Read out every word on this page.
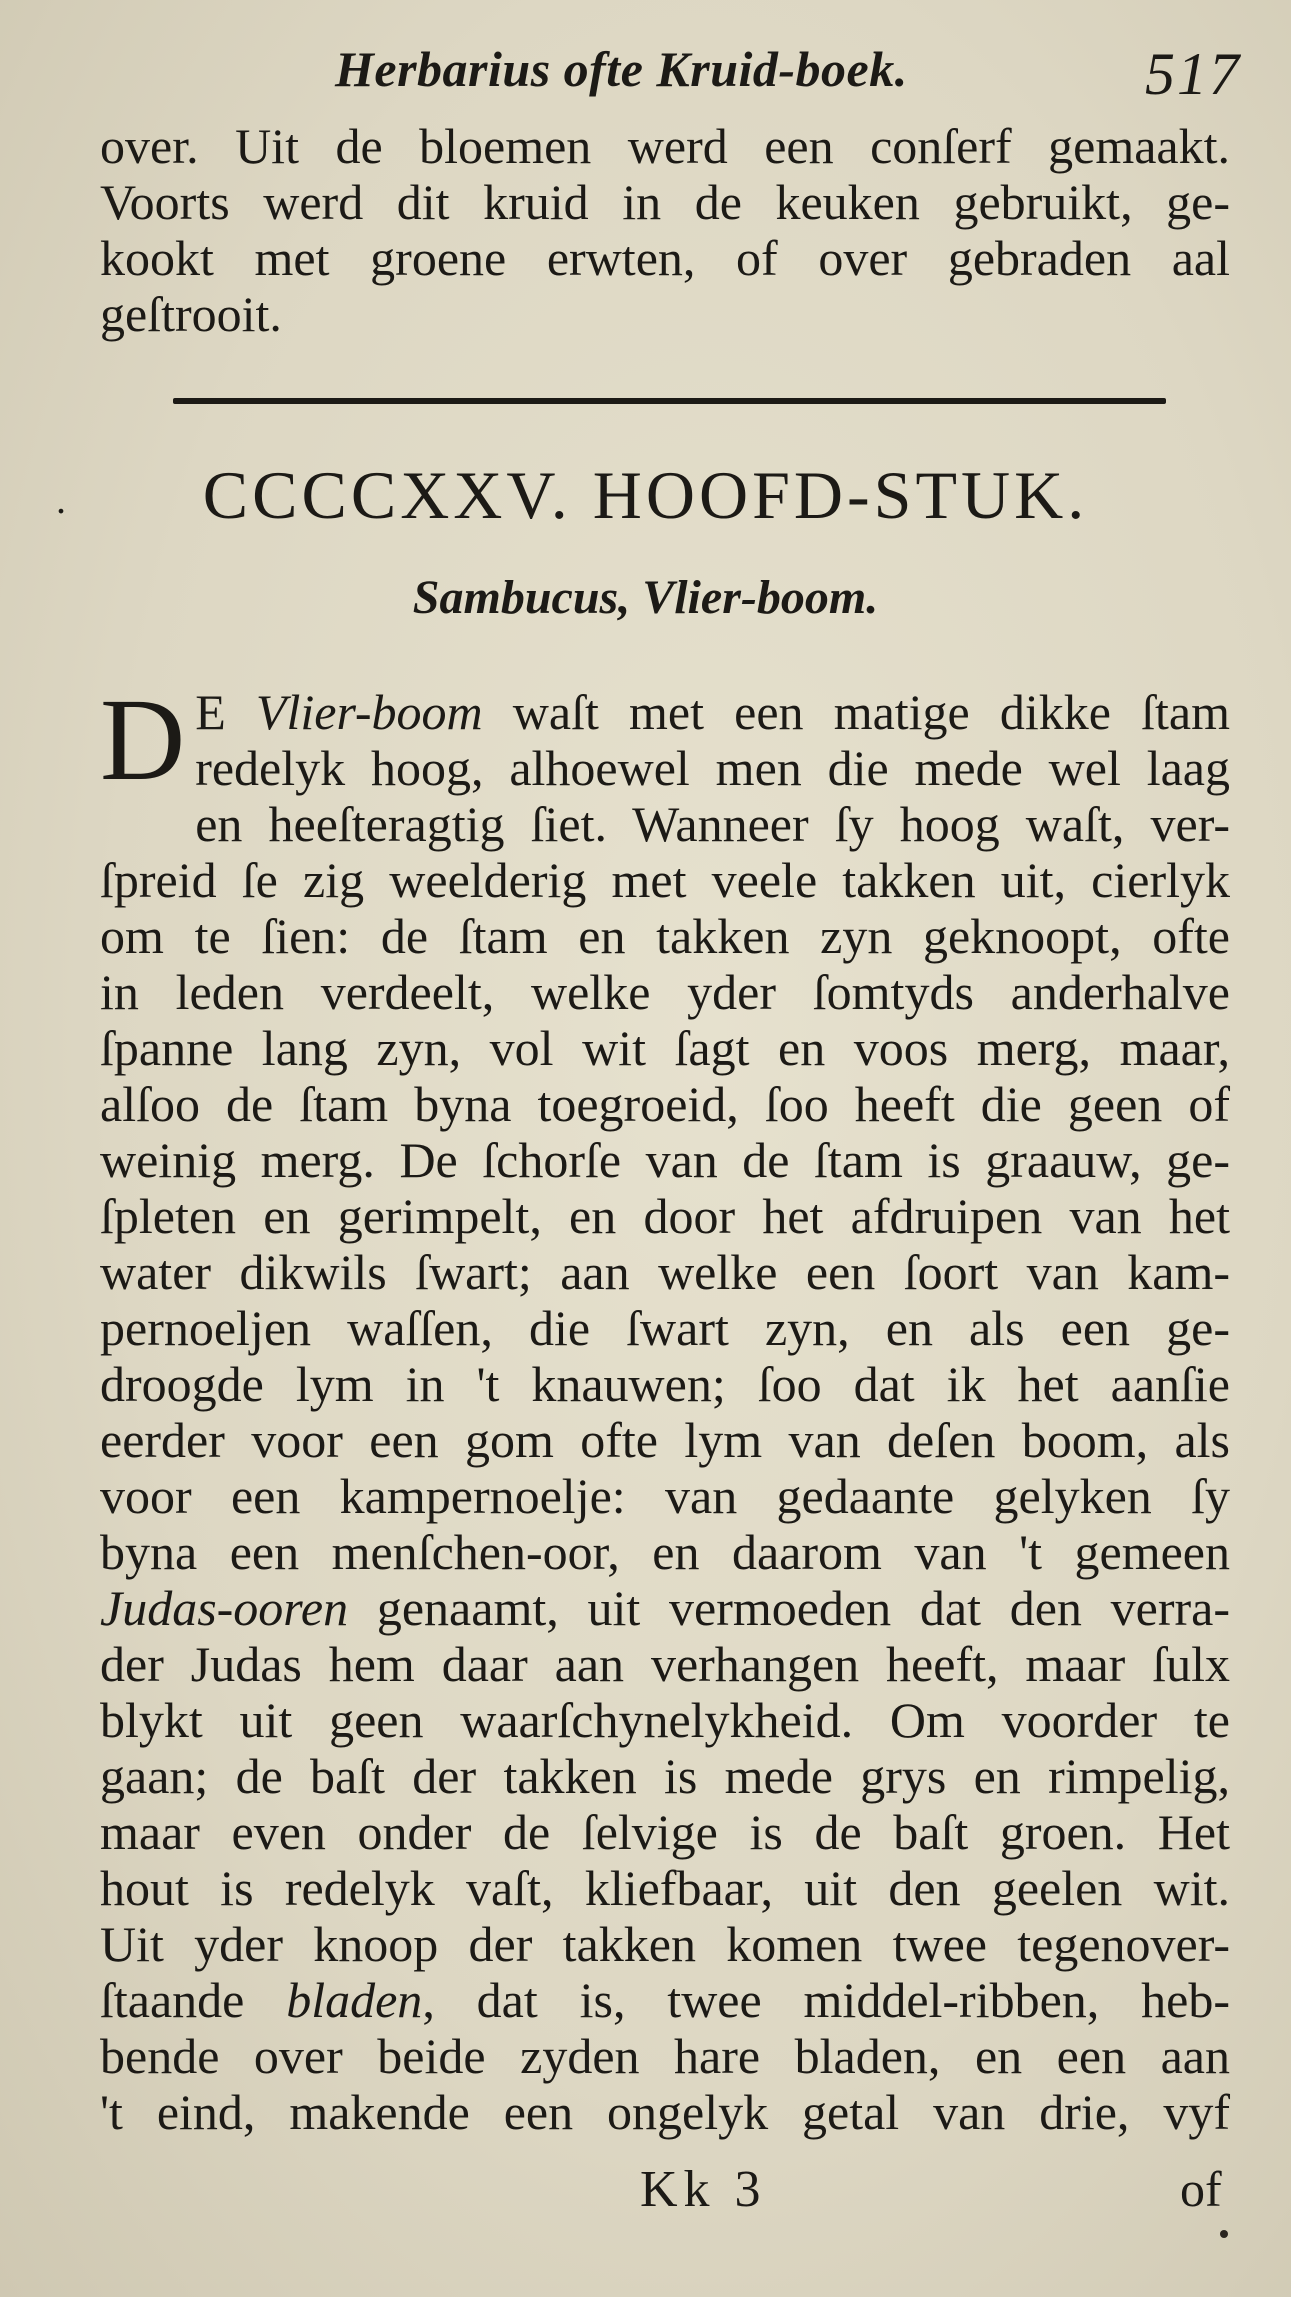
Herbarius ofte Kruid-boek.	517
over. Uit de bloemen werd een conſerf gemaakt.
Voorts werd dit kruid in de keuken gebruikt, ge-
kookt met groene erwten, of over gebraden aal
geſtrooit.
.	CCCCXXV. HOOFD-STUK.
Sambucus, Vlier-boom.
D E Vlier-boom waſt met een matige dikke ſtam
redelyk hoog, alhoewel men die mede wel laag
en heeſteragtig ſiet. Wanneer ſy hoog waſt, ver-
ſpreid ſe zig weelderig met veele takken uit, cierlyk
om te ſien: de ſtam en takken zyn geknoopt, ofte
in leden verdeelt, welke yder ſomtyds anderhalve
ſpanne lang zyn, vol wit ſagt en voos merg, maar,
alſoo de ſtam byna toegroeid, ſoo heeft die geen of
weinig merg. De ſchorſe van de ſtam is graauw, ge-
ſpleten en gerimpelt, en door het afdruipen van het
water dikwils ſwart; aan welke een ſoort van kam-
pernoeljen waſſen, die ſwart zyn, en als een ge-
droogde lym in 't knauwen; ſoo dat ik het aanſie
eerder voor een gom ofte lym van deſen boom, als
voor een kampernoelje: van gedaante gelyken ſy
byna een menſchen-oor, en daarom van 't gemeen
Judas-ooren genaamt, uit vermoeden dat den verra-
der Judas hem daar aan verhangen heeft, maar ſulx
blykt uit geen waarſchynelykheid. Om voorder te
gaan; de baſt der takken is mede grys en rimpelig,
maar even onder de ſelvige is de baſt groen. Het
hout is redelyk vaſt, kliefbaar, uit den geelen wit.
Uit yder knoop der takken komen twee tegenover-
ſtaande bladen, dat is, twee middel-ribben, heb-
bende over beide zyden hare bladen, en een aan
't eind, makende een ongelyk getal van drie, vyf
Kk 3	of
